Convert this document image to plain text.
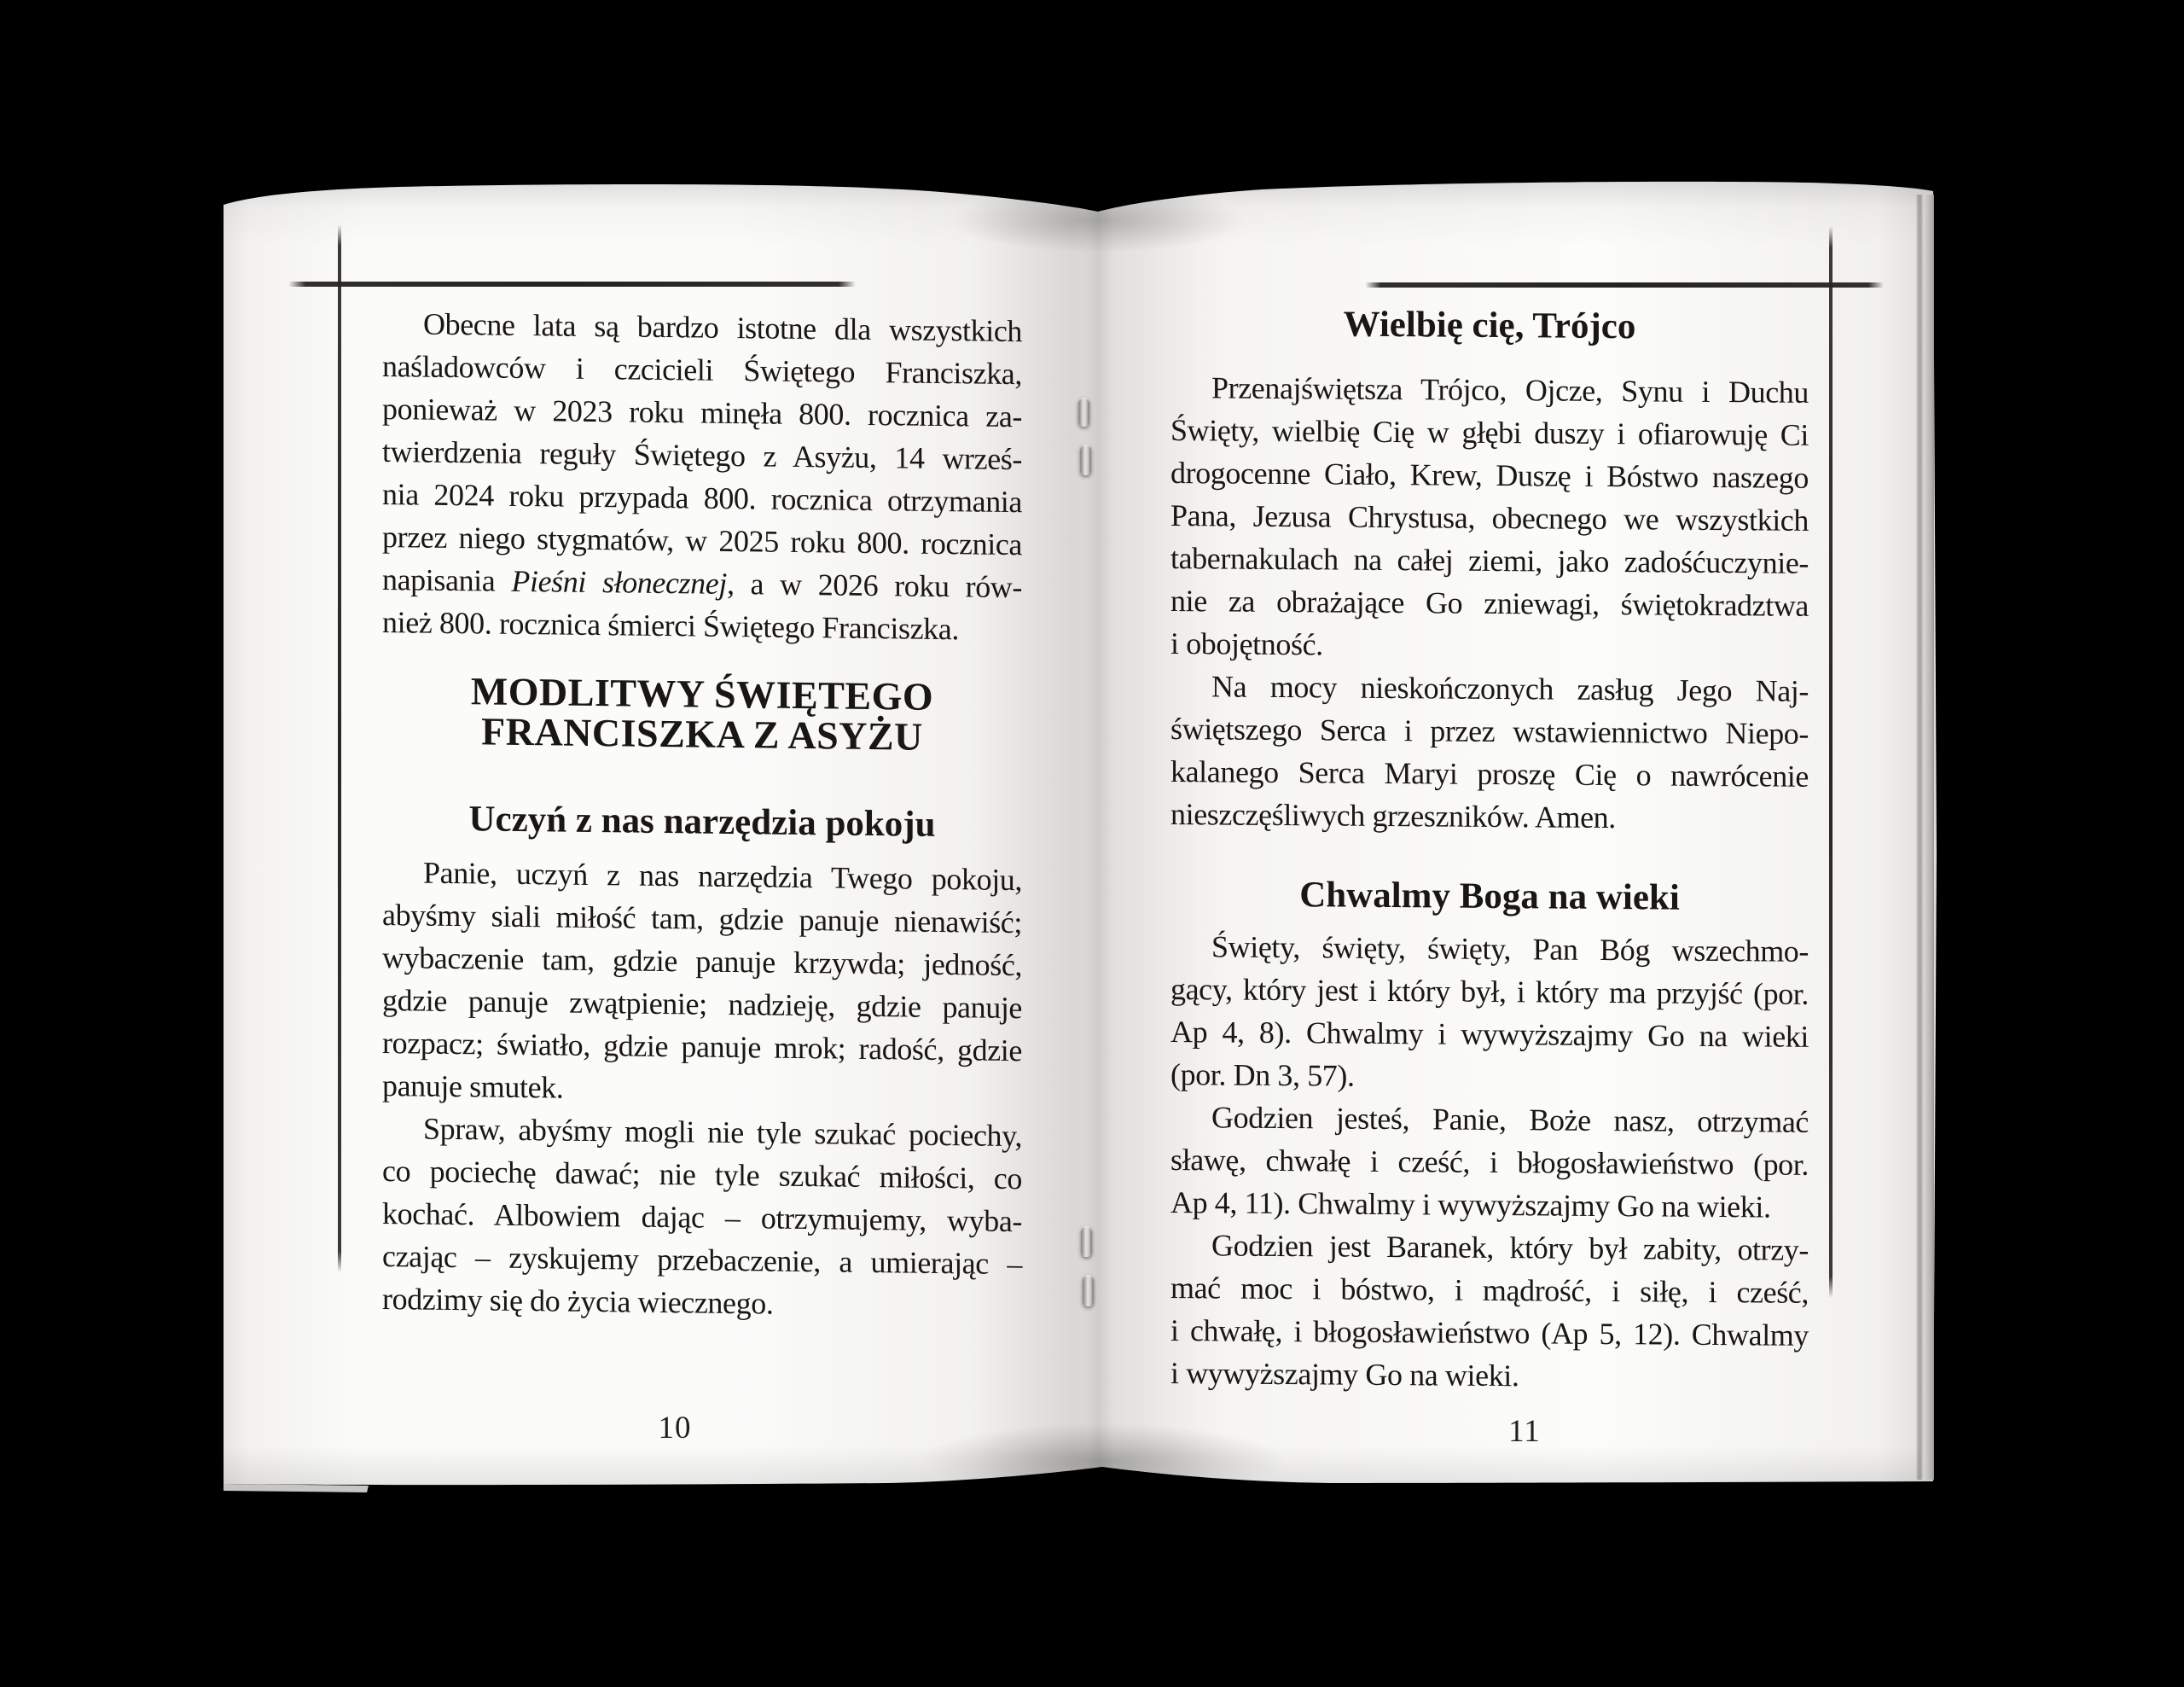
Obecne lata są bardzo istotne dla wszystkich
naśladowców i czcicieli Świętego Franciszka,
ponieważ w 2023 roku minęła 800. rocznica za-
twierdzenia reguły Świętego z Asyżu, 14 wrześ-
nia 2024 roku przypada 800. rocznica otrzymania
przez niego stygmatów, w 2025 roku 800. rocznica
napisania Pieśni słonecznej, a w 2026 roku rów-
nież 800. rocznica śmierci Świętego Franciszka.
MODLITWY ŚWIĘTEGO
FRANCISZKA Z ASYŻU
Uczyń z nas narzędzia pokoju
Panie, uczyń z nas narzędzia Twego pokoju,
abyśmy siali miłość tam, gdzie panuje nienawiść;
wybaczenie tam, gdzie panuje krzywda; jedność,
gdzie panuje zwątpienie; nadzieję, gdzie panuje
rozpacz; światło, gdzie panuje mrok; radość, gdzie
panuje smutek.
Spraw, abyśmy mogli nie tyle szukać pociechy,
co pociechę dawać; nie tyle szukać miłości, co
kochać. Albowiem dając – otrzymujemy, wyba-
czając – zyskujemy przebaczenie, a umierając –
rodzimy się do życia wiecznego.
Wielbię cię, Trójco
Przenajświętsza Trójco, Ojcze, Synu i Duchu
Święty, wielbię Cię w głębi duszy i ofiarowuję Ci
drogocenne Ciało, Krew, Duszę i Bóstwo naszego
Pana, Jezusa Chrystusa, obecnego we wszystkich
tabernakulach na całej ziemi, jako zadośćuczynie-
nie za obrażające Go zniewagi, świętokradztwa
i obojętność.
Na mocy nieskończonych zasług Jego Naj-
świętszego Serca i przez wstawiennictwo Niepo-
kalanego Serca Maryi proszę Cię o nawrócenie
nieszczęśliwych grzeszników. Amen.
Chwalmy Boga na wieki
Święty, święty, święty, Pan Bóg wszechmo-
gący, który jest i który był, i który ma przyjść (por.
Ap 4, 8). Chwalmy i wywyższajmy Go na wieki
(por. Dn 3, 57).
Godzien jesteś, Panie, Boże nasz, otrzymać
sławę, chwałę i cześć, i błogosławieństwo (por.
Ap 4, 11). Chwalmy i wywyższajmy Go na wieki.
Godzien jest Baranek, który był zabity, otrzy-
mać moc i bóstwo, i mądrość, i siłę, i cześć,
i chwałę, i błogosławieństwo (Ap 5, 12). Chwalmy
i wywyższajmy Go na wieki.
10	11
